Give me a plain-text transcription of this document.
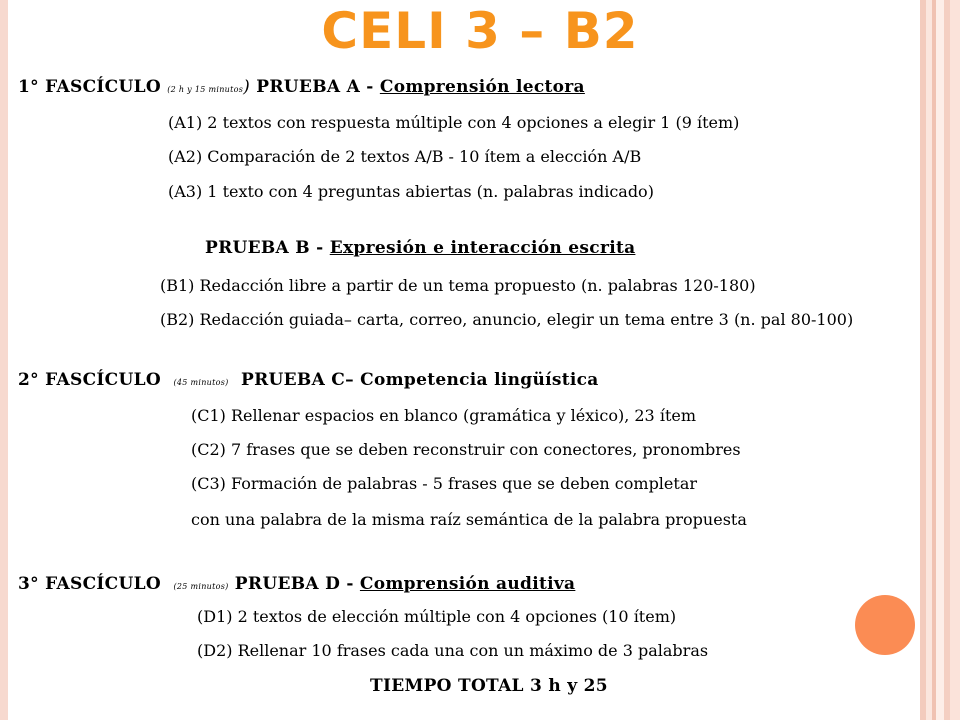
CELI 3 – B2
1° FASCÍCULO (2 h y 15 minutos) PRUEBA A - Comprensión lectora
(A1) 2 textos con respuesta múltiple con 4 opciones a elegir 1 (9 ítem)
(A2) Comparación de 2 textos A/B - 10 ítem a elección A/B
(A3) 1 texto con 4 preguntas abiertas (n. palabras indicado)
PRUEBA B - Expresión e interacción escrita
(B1) Redacción libre a partir de un tema propuesto (n. palabras 120-180)
(B2) Redacción guiada– carta, correo, anuncio, elegir un tema entre 3 (n. pal 80-100)
2° FASCÍCULO (45 minutos) PRUEBA C– Competencia lingüística
(C1) Rellenar espacios en blanco (gramática y léxico), 23 ítem
(C2) 7 frases que se deben reconstruir con conectores, pronombres
(C3) Formación de palabras - 5 frases que se deben completar
con una palabra de la misma raíz semántica de la palabra propuesta
3° FASCÍCULO (25 minutos) PRUEBA D - Comprensión auditiva
(D1) 2 textos de elección múltiple con 4 opciones (10 ítem)
(D2) Rellenar 10 frases cada una con un máximo de 3 palabras
TIEMPO TOTAL 3 h y 25
